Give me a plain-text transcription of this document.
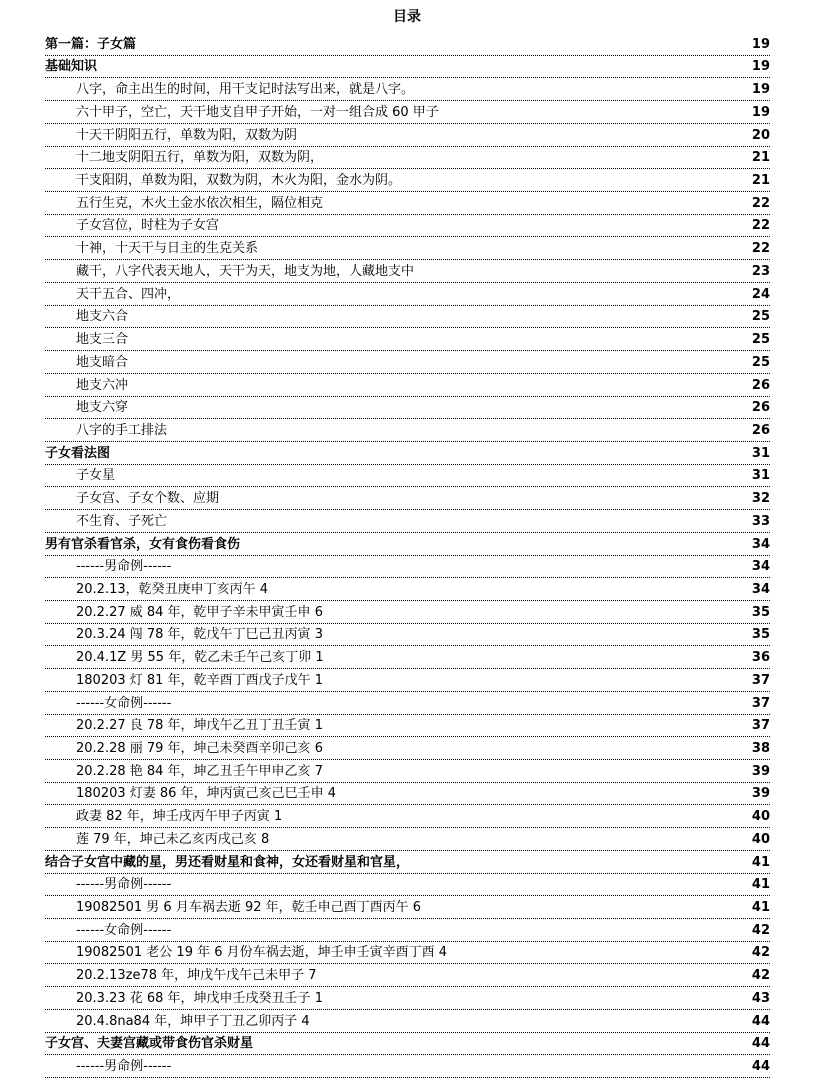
目录
第一篇：子女篇	19
基础知识	19
八字，命主出生的时间，用干支记时法写出来，就是八字。	19
六十甲子，空亡，天干地支自甲子开始，一对一组合成 60 甲子	19
十天干阴阳五行，单数为阳，双数为阴	20
十二地支阴阳五行，单数为阳，双数为阴，	21
干支阳阴，单数为阳，双数为阴，木火为阳，金水为阴。	21
五行生克，木火土金水依次相生，隔位相克	22
子女宫位，时柱为子女宫	22
十神，十天干与日主的生克关系	22
藏干，八字代表天地人，天干为天，地支为地，人藏地支中	23
天干五合、四冲，	24
地支六合	25
地支三合	25
地支暗合	25
地支六冲	26
地支六穿	26
八字的手工排法	26
子女看法图	31
子女星	31
子女宫、子女个数、应期	32
不生育、子死亡	33
男有官杀看官杀，女有食伤看食伤	34
------男命例------	34
20.2.13，乾癸丑庚申丁亥丙午 4	34
20.2.27 威 84 年，乾甲子辛未甲寅壬申 6	35
20.3.24 闯 78 年，乾戊午丁巳己丑丙寅 3	35
20.4.1Z 男 55 年，乾乙未壬午己亥丁卯 1	36
180203 灯 81 年，乾辛酉丁酉戊子戊午 1	37
------女命例------	37
20.2.27 良 78 年，坤戊午乙丑丁丑壬寅 1	37
20.2.28 丽 79 年，坤己未癸酉辛卯己亥 6	38
20.2.28 艳 84 年，坤乙丑壬午甲申乙亥 7	39
180203 灯妻 86 年，坤丙寅己亥己巳壬申 4	39
政妻 82 年，坤壬戌丙午甲子丙寅 1	40
莲 79 年，坤己未乙亥丙戌己亥 8	40
结合子女宫中藏的星，男还看财星和食神，女还看财星和官星，	41
------男命例------	41
19082501 男 6 月车祸去逝 92 年，乾壬申己酉丁酉丙午 6	41
------女命例------	42
19082501 老公 19 年 6 月份车祸去逝，坤壬申壬寅辛酉丁酉 4	42
20.2.13ze78 年，坤戊午戊午己未甲子 7	42
20.3.23 花 68 年，坤戊申壬戌癸丑壬子 1	43
20.4.8na84 年，坤甲子丁丑乙卯丙子 4	44
子女宫、夫妻宫藏或带食伤官杀财星	44
------男命例------	44
